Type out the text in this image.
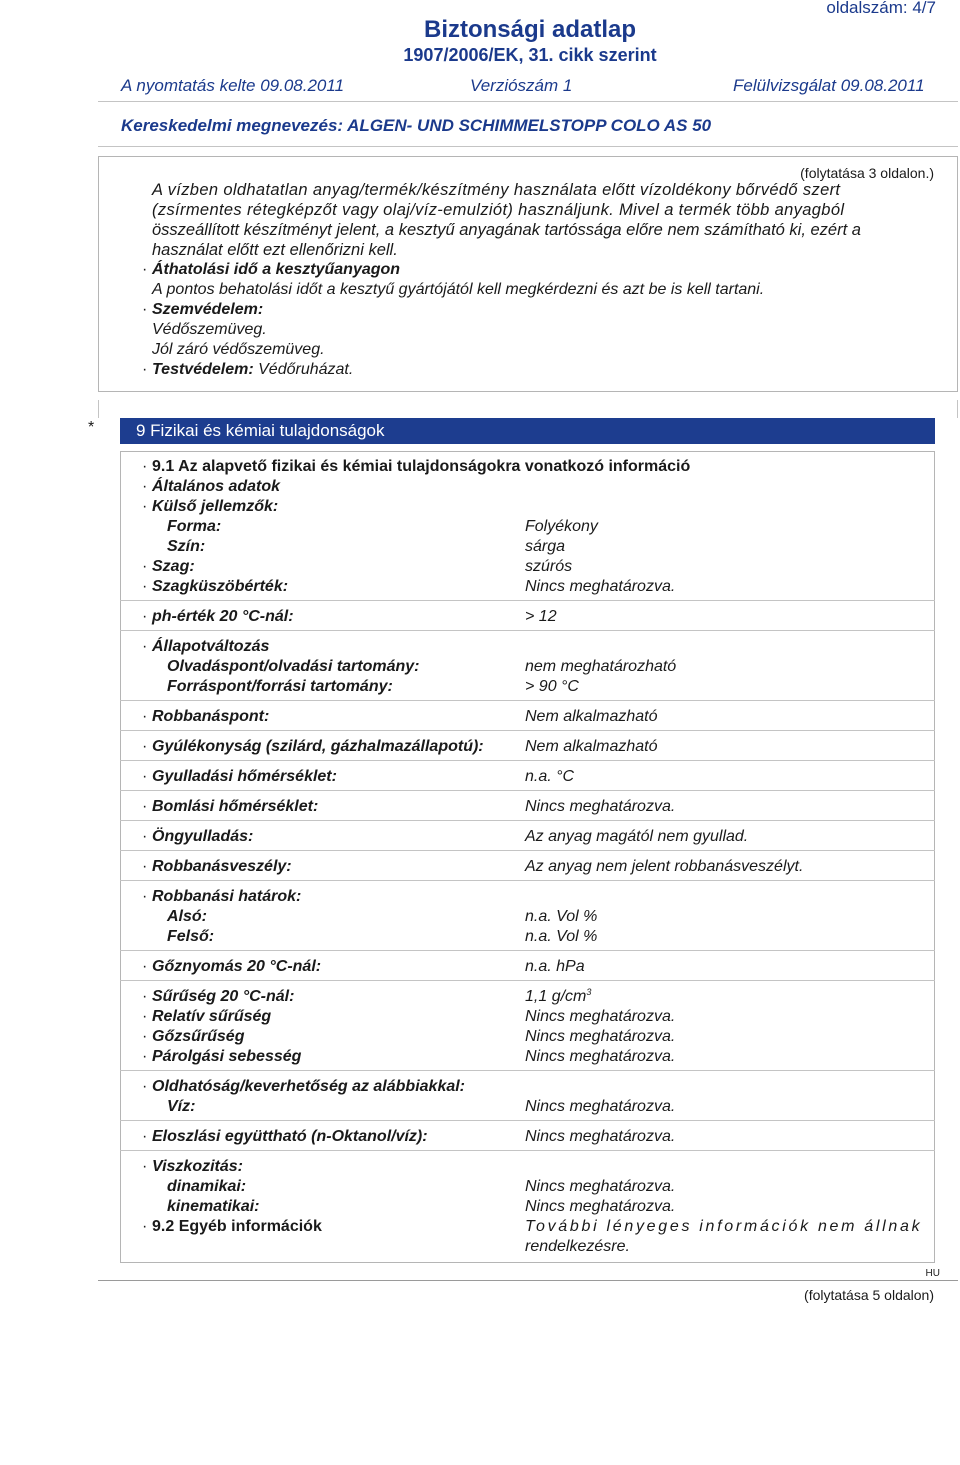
oldalszám: 4/7
Biztonsági adatlap
1907/2006/EK, 31. cikk szerint
A nyomtatás kelte 09.08.2011	Verziószám 1	Felülvizsgálat 09.08.2011
Kereskedelmi megnevezés: ALGEN- UND SCHIMMELSTOPP COLO AS 50
(folytatása 3 oldalon.)
A vízben oldhatatlan anyag/termék/készítmény használata előtt vízoldékony bőrvédő szert
(zsírmentes rétegképzőt vagy olaj/víz-emulziót) használjunk. Mivel a termék több anyagból
összeállított készítményt jelent, a kesztyű anyagának tartóssága előre nem számítható ki, ezért a
használat előtt ezt ellenőrizni kell.
· Áthatolási idő a kesztyűanyagon
A pontos behatolási időt a kesztyű gyártójától kell megkérdezni és azt be is kell tartani.
· Szemvédelem:
Védőszemüveg.
Jól záró védőszemüveg.
· Testvédelem: Védőruházat.
* 9 Fizikai és kémiai tulajdonságok
· 9.1 Az alapvető fizikai és kémiai tulajdonságokra vonatkozó információ
· Általános adatok
· Külső jellemzők:
Forma:	Folyékony
Szín:	sárga
· Szag:	szúrós
· Szagküszöbérték:	Nincs meghatározva.
· ph-érték 20 °C-nál:	> 12
· Állapotváltozás
Olvadáspont/olvadási tartomány:	nem meghatározható
Forráspont/forrási tartomány:	> 90 °C
· Robbanáspont:	Nem alkalmazható
· Gyúlékonyság (szilárd, gázhalmazállapotú):	Nem alkalmazható
· Gyulladási hőmérséklet:	n.a. °C
· Bomlási hőmérséklet:	Nincs meghatározva.
· Öngyulladás:	Az anyag magától nem gyullad.
· Robbanásveszély:	Az anyag nem jelent robbanásveszélyt.
· Robbanási határok:
Alsó:	n.a. Vol %
Felső:	n.a. Vol %
· Gőznyomás 20 °C-nál:	n.a. hPa
· Sűrűség 20 °C-nál:	1,1 $g/cm^3$
· Relatív sűrűség	Nincs meghatározva.
· Gőzsűrűség	Nincs meghatározva.
· Párolgási sebesség	Nincs meghatározva.
· Oldhatóság/keverhetőség az alábbiakkal:
Víz:	Nincs meghatározva.
· Eloszlási együttható (n-Oktanol/víz):	Nincs meghatározva.
· Viszkozitás:
dinamikai:	Nincs meghatározva.
kinematikai:	Nincs meghatározva.
· 9.2 Egyéb információk	További lényeges információk nem állnak
rendelkezésre.
HU
(folytatása 5 oldalon)
